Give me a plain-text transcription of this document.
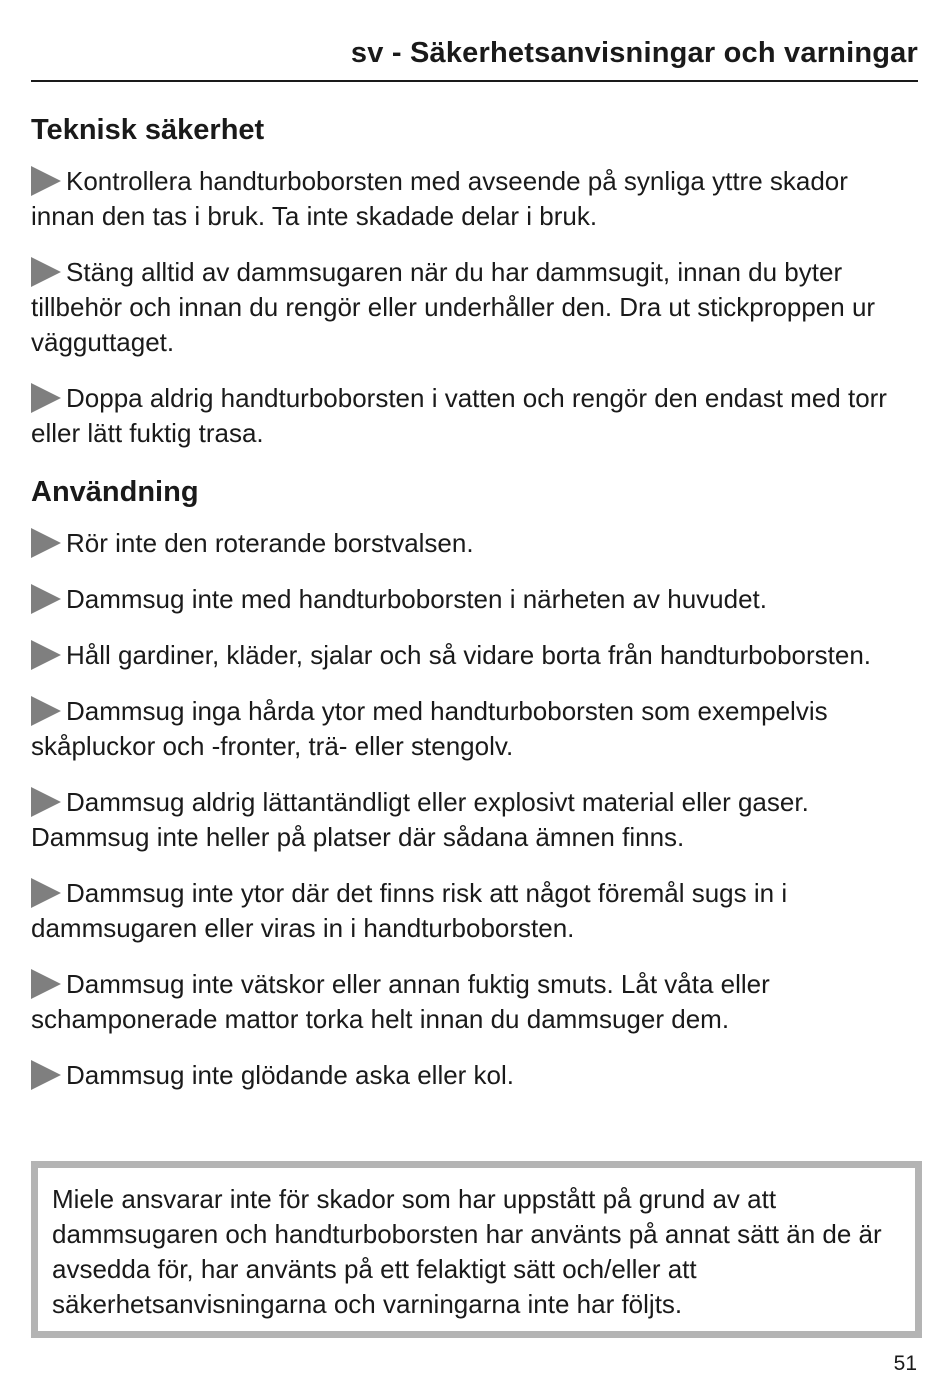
sv - Säkerhetsanvisningar och varningar
Teknisk säkerhet
Kontrollera handturboborsten med avseende på synliga yttre skador innan den tas i bruk. Ta inte skadade delar i bruk.
Stäng alltid av dammsugaren när du har dammsugit, innan du byter tillbehör och innan du rengör eller underhåller den. Dra ut stickproppen ur vägguttaget.
Doppa aldrig handturboborsten i vatten och rengör den endast med torr eller lätt fuktig trasa.
Användning
Rör inte den roterande borstvalsen.
Dammsug inte med handturboborsten i närheten av huvudet.
Håll gardiner, kläder, sjalar och så vidare borta från handturboborsten.
Dammsug inga hårda ytor med handturboborsten som exempelvis skåpluckor och -fronter, trä- eller stengolv.
Dammsug aldrig lättantändligt eller explosivt material eller gaser. Dammsug inte heller på platser där sådana ämnen finns.
Dammsug inte ytor där det finns risk att något föremål sugs in i dammsugaren eller viras in i handturboborsten.
Dammsug inte vätskor eller annan fuktig smuts. Låt våta eller schamponerade mattor torka helt innan du dammsuger dem.
Dammsug inte glödande aska eller kol.
Miele ansvarar inte för skador som har uppstått på grund av att dammsugaren och handturboborsten har använts på annat sätt än de är avsedda för, har använts på ett felaktigt sätt och/eller att säkerhetsanvisningarna och varningarna inte har följts.
51
